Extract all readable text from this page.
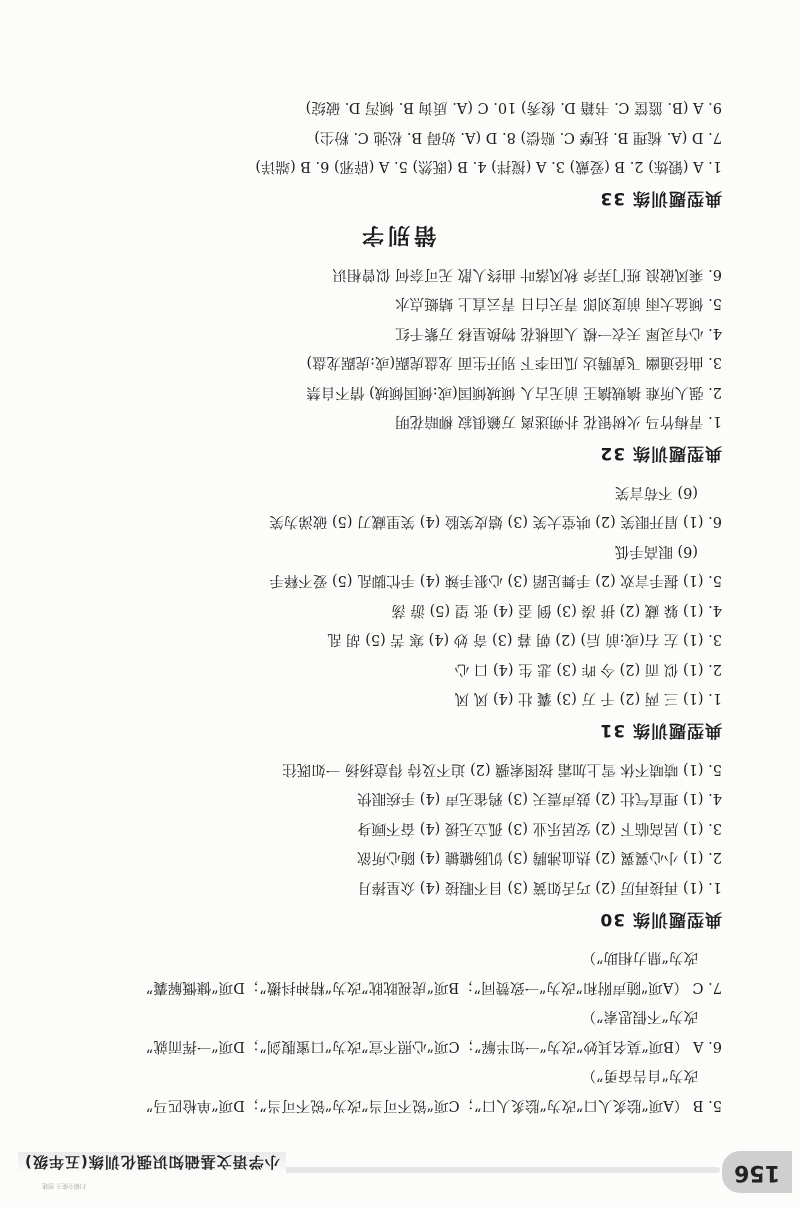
156
小学语文基础知识强化训练(五年级)
扫描全能王 创建
5. B （A项“脍炙人口”改为“脍炙人口”；C项“锐不可当”改为“锐不可当”；D项“单枪匹马”
改为“自告奋勇”）
6. A （B项“莫名其妙”改为“一知半解”；C项“心照不宣”改为“口蜜腹剑”；D项“一挥而就”
改为“不假思索”）
7. C （A项“随声附和”改为“一致赞同”；B项“虎视眈眈”改为“精神抖擞”；D项“慷慨解囊”
改为“鼎力相助”）
典型题训练 30
1. (1) 再接再厉 (2) 巧舌如簧 (3) 目不暇接 (4) 众星捧月
2. (1) 小心翼翼 (2) 热血沸腾 (3) 饥肠辘辘 (4) 随心所欲
3. (1) 居高临下 (2) 安居乐业 (3) 孤立无援 (4) 奋不顾身
4. (1) 理直气壮 (2) 鼓声震天 (3) 鸦雀无声 (4) 手疾眼快
5. (1) 啧啧不休 雪上加霜 按图索骥 (2) 迫不及待 得意扬扬 一如既往
典型题训练 31
1. (1) 三 两 (2) 千 万 (3) 囊 壮 (4) 风 风
2. (1) 似 而 (2) 今 昨 (3) 悲 生 (4) 口 心
3. (1) 左 右(或:前 后) (2) 朝 暮 (3) 奇 妙 (4) 寒 苦 (5) 胡 乱
4. (1) 躲 藏 (2) 拼 凑 (3) 倒 歪 (4) 张 望 (5) 游 荡
5. (1) 握手言欢 (2) 手舞足蹈 (3) 心狠手辣 (4) 手忙脚乱 (5) 爱不释手
(6) 眼高手低
6. (1) 眉开眼笑 (2) 哄堂大笑 (3) 嬉皮笑脸 (4) 笑里藏刀 (5) 破涕为笑
(6) 不苟言笑
典型题训练 32
1. 青梅竹马 火树银花 扑朔迷离 万籁俱寂 柳暗花明
2. 强人所难 擒贼擒王 前无古人 倾城倾国(或:倾国倾城) 情不自禁
3. 曲径通幽 飞黄腾达 瓜田李下 别开生面 龙盘虎踞(或:虎踞龙盘)
4. 心有灵犀 天衣一模 人面桃花 物换星移 万紫千红
5. 倾盆大雨 前度刘郎 青天白日 青云直上 蜻蜓点水
6. 乘风破浪 班门弄斧 秋风落叶 曲终人散 无可奈何 似曾相识
错别字
典型题训练 33
1. A (锻炼) 2. B (爱戴) 3. A (搅拌) 4. B (既然) 5. A (辟邪) 6. B (端详)
7. D (A. 梳理 B. 抚摩 C. 赔偿) 8. D (A. 妨碍 B. 松弛 C. 粉尘)
9. A (B. 篮筐 C. 书籍 D. 俊秀) 10. C (A. 质询 B. 倾泻 D. 破绽)
